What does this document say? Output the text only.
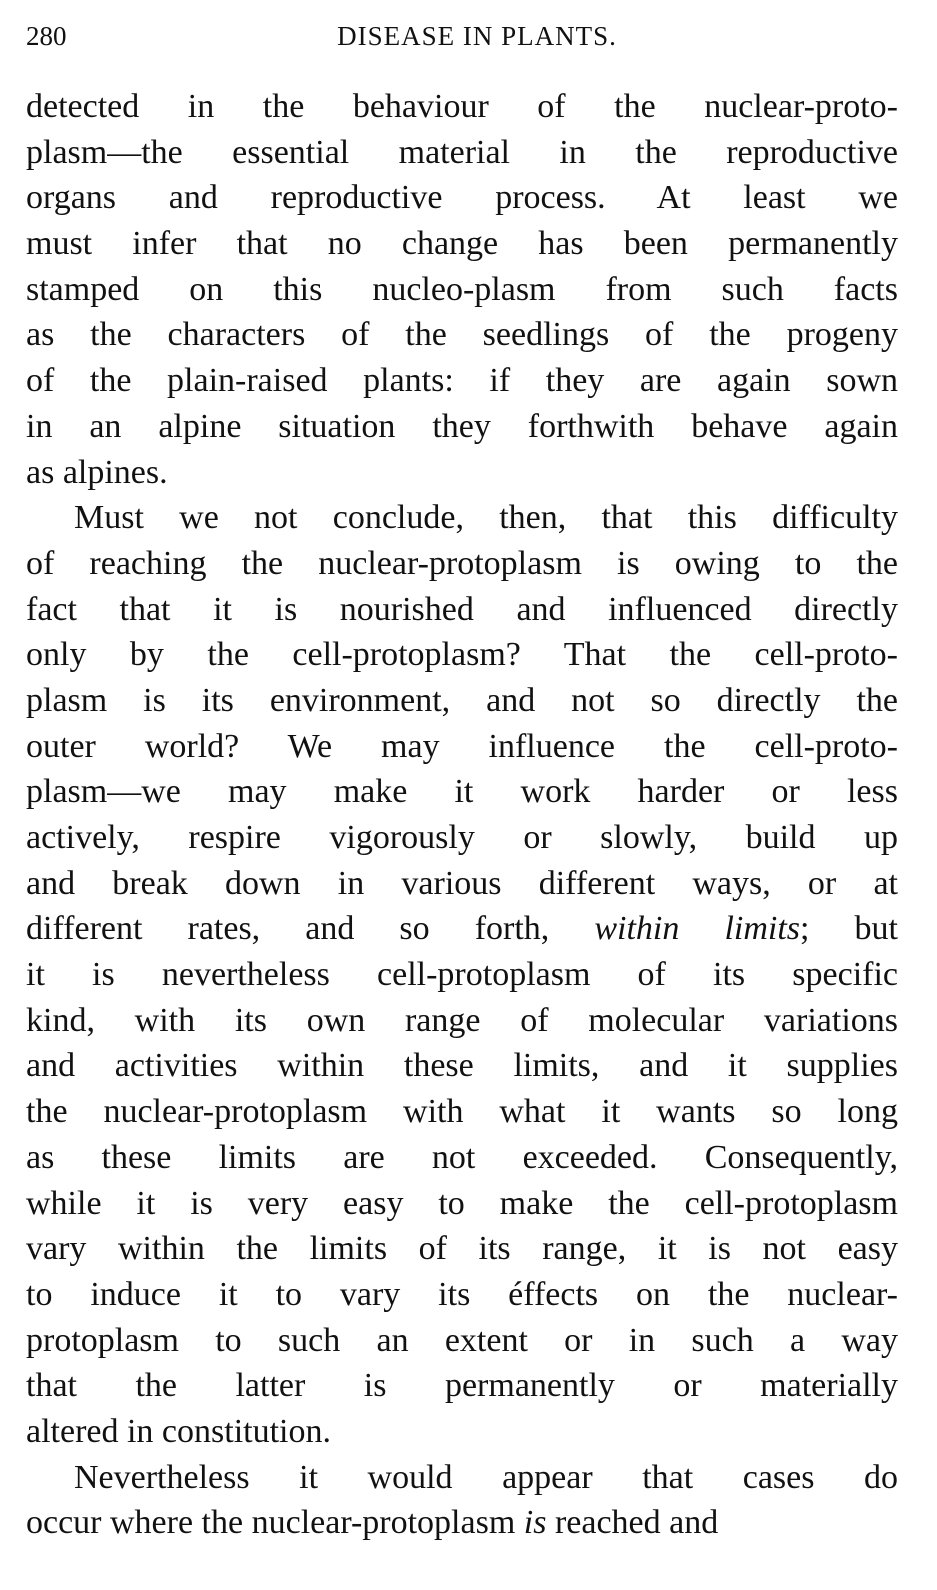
280	DISEASE IN PLANTS.
detected in the behaviour of the nuclear-proto-
plasm—the essential material in the reproductive
organs and reproductive process. At least we
must infer that no change has been permanently
stamped on this nucleo-plasm from such facts
as the characters of the seedlings of the progeny
of the plain-raised plants: if they are again sown
in an alpine situation they forthwith behave again
as alpines.
Must we not conclude, then, that this difficulty
of reaching the nuclear-protoplasm is owing to the
fact that it is nourished and influenced directly
only by the cell-protoplasm? That the cell-proto-
plasm is its environment, and not so directly the
outer world? We may influence the cell-proto-
plasm—we may make it work harder or less
actively, respire vigorously or slowly, build up
and break down in various different ways, or at
different rates, and so forth, within limits; but
it is nevertheless cell-protoplasm of its specific
kind, with its own range of molecular variations
and activities within these limits, and it supplies
the nuclear-protoplasm with what it wants so long
as these limits are not exceeded. Consequently,
while it is very easy to make the cell-protoplasm
vary within the limits of its range, it is not easy
to induce it to vary its éffects on the nuclear-
protoplasm to such an extent or in such a way
that the latter is permanently or materially
altered in constitution.
Nevertheless it would appear that cases do
occur where the nuclear-protoplasm is reached and
